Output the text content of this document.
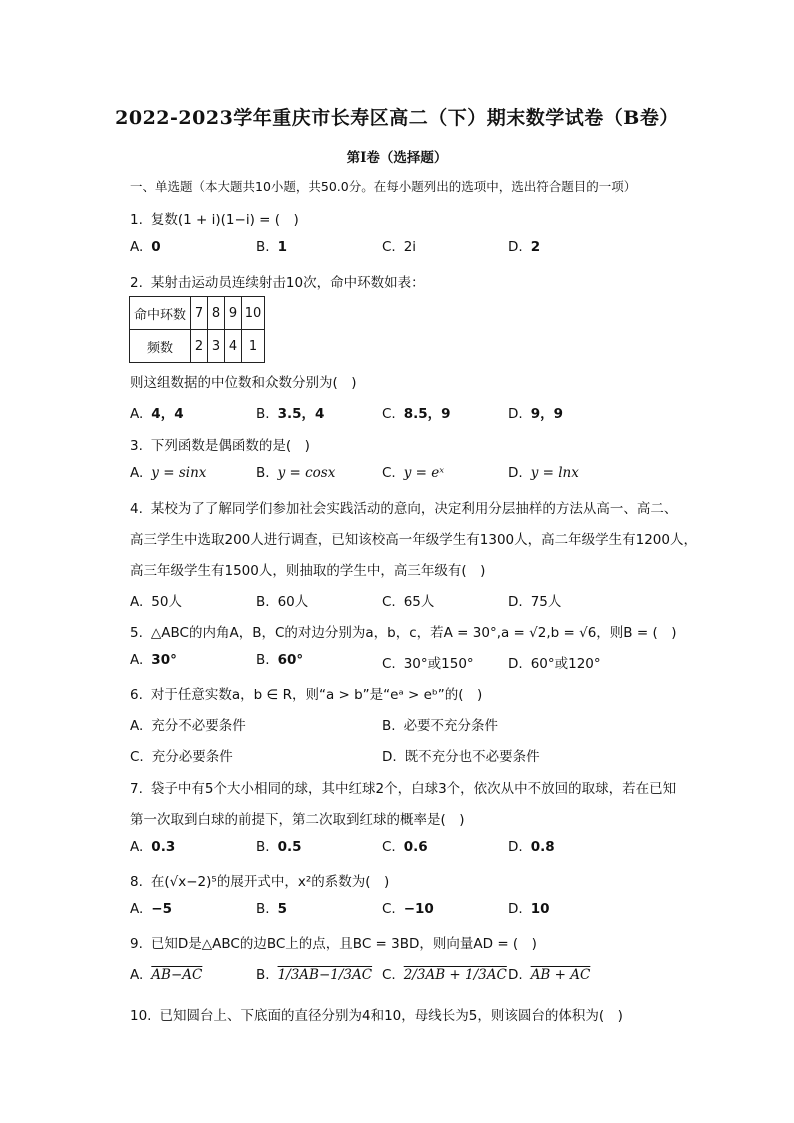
2022-2023学年重庆市长寿区高二（下）期末数学试卷（B卷）
第Ⅰ卷（选择题）
一、单选题（本大题共10小题，共50.0分。在每小题列出的选项中，选出符合题目的一项）
1. 复数(1 + i)(1−i) = (　)
A. 0	B. 1	C. 2i	D. 2
2. 某射击运动员连续射击10次，命中环数如表：
命中环数	7	8	9	10
频数	2	3	4	1
则这组数据的中位数和众数分别为(　)
A. 4，4	B. 3.5，4	C. 8.5，9	D. 9，9
3. 下列函数是偶函数的是(　)
A. y = sinx	B. y = cosx	C. y = eˣ	D. y = lnx
4. 某校为了了解同学们参加社会实践活动的意向，决定利用分层抽样的方法从高一、高二、
高三学生中选取200人进行调查，已知该校高一年级学生有1300人，高二年级学生有1200人，
高三年级学生有1500人，则抽取的学生中，高三年级有(　)
A. 50人	B. 60人	C. 65人	D. 75人
5. △ABC的内角A，B，C的对边分别为a，b，c，若A = 30°,a = √2,b = √6，则B = (　)
A. 30°	B. 60°	C. 30°或150°	D. 60°或120°
6. 对于任意实数a，b ∈ R，则“a > b”是“eᵃ > eᵇ”的(　)
A. 充分不必要条件	B. 必要不充分条件
C. 充分必要条件	D. 既不充分也不必要条件
7. 袋子中有5个大小相同的球，其中红球2个，白球3个，依次从中不放回的取球，若在已知
第一次取到白球的前提下，第二次取到红球的概率是(　)
A. 0.3	B. 0.5	C. 0.6	D. 0.8
8. 在(√x−2)⁵的展开式中，x²的系数为(　)
A. −5	B. 5	C. −10	D. 10
9. 已知D是△ABC的边BC上的点，且BC = 3BD，则向量AD = (　)
A. AB−AC	B. 1/3AB−1/3AC C. 2/3AB + 1/3AC D. AB + AC
10. 已知圆台上、下底面的直径分别为4和10，母线长为5，则该圆台的体积为(　)
